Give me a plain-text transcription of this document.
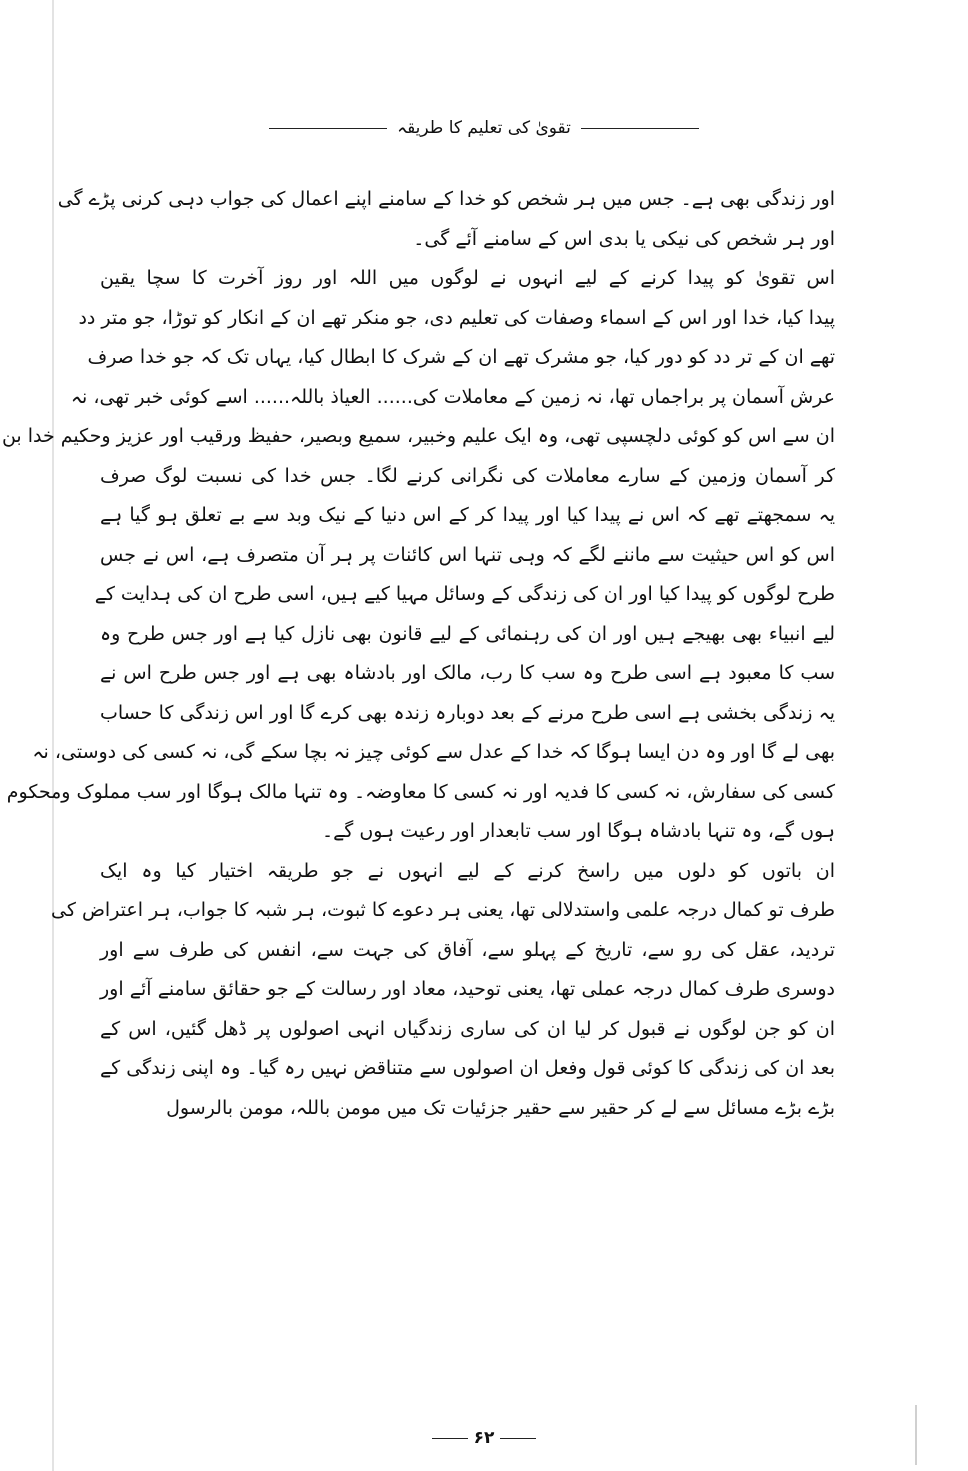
تقویٰ کی تعلیم کا طریقہ
اور زندگی بھی ہے۔ جس میں ہر شخص کو خدا کے سامنے اپنے اعمال کی جواب دہی کرنی پڑے گی
اور ہر شخص کی نیکی یا بدی اس کے سامنے آئے گی۔
اس تقویٰ کو پیدا کرنے کے لیے انہوں نے لوگوں میں اللہ اور روز آخرت کا سچا یقین
پیدا کیا، خدا اور اس کے اسماء وصفات کی تعلیم دی، جو منکر تھے ان کے انکار کو توڑا، جو متر دد
تھے ان کے تر دد کو دور کیا، جو مشرک تھے ان کے شرک کا ابطال کیا، یہاں تک کہ جو خدا صرف
عرش آسمان پر براجماں تھا، نہ زمین کے معاملات کی...... العیاذ باللہ...... اسے کوئی خبر تھی، نہ
ان سے اس کو کوئی دلچسپی تھی، وہ ایک علیم وخبیر، سمیع وبصیر، حفیظ ورقیب اور عزیز وحکیم خدا بن
کر آسمان وزمین کے سارے معاملات کی نگرانی کرنے لگا۔ جس خدا کی نسبت لوگ صرف
یہ سمجھتے تھے کہ اس نے پیدا کیا اور پیدا کر کے اس دنیا کے نیک وبد سے بے تعلق ہو گیا ہے
اس کو اس حیثیت سے ماننے لگے کہ وہی تنہا اس کائنات پر ہر آن متصرف ہے، اس نے جس
طرح لوگوں کو پیدا کیا اور ان کی زندگی کے وسائل مہیا کیے ہیں، اسی طرح ان کی ہدایت کے
لیے انبیاء بھی بھیجے ہیں اور ان کی رہنمائی کے لیے قانون بھی نازل کیا ہے اور جس طرح وہ
سب کا معبود ہے اسی طرح وہ سب کا رب، مالک اور بادشاہ بھی ہے اور جس طرح اس نے
یہ زندگی بخشی ہے اسی طرح مرنے کے بعد دوبارہ زندہ بھی کرے گا اور اس زندگی کا حساب
بھی لے گا اور وہ دن ایسا ہوگا کہ خدا کے عدل سے کوئی چیز نہ بچا سکے گی، نہ کسی کی دوستی، نہ
کسی کی سفارش، نہ کسی کا فدیہ اور نہ کسی کا معاوضہ۔ وہ تنہا مالک ہوگا اور سب مملوک ومحکوم
ہوں گے، وہ تنہا بادشاہ ہوگا اور سب تابعدار اور رعیت ہوں گے۔
ان باتوں کو دلوں میں راسخ کرنے کے لیے انہوں نے جو طریقہ اختیار کیا وہ ایک
طرف تو کمال درجہ علمی واستدلالی تھا، یعنی ہر دعوے کا ثبوت، ہر شبہ کا جواب، ہر اعتراض کی
تردید، عقل کی رو سے، تاریخ کے پہلو سے، آفاق کی جہت سے، انفس کی طرف سے اور
دوسری طرف کمال درجہ عملی تھا، یعنی توحید، معاد اور رسالت کے جو حقائق سامنے آئے اور
ان کو جن لوگوں نے قبول کر لیا ان کی ساری زندگیاں انہی اصولوں پر ڈھل گئیں، اس کے
بعد ان کی زندگی کا کوئی قول وفعل ان اصولوں سے متناقض نہیں رہ گیا۔ وہ اپنی زندگی کے
بڑے بڑے مسائل سے لے کر حقیر سے حقیر جزئیات تک میں مومن باللہ، مومن بالرسول
۶۲
